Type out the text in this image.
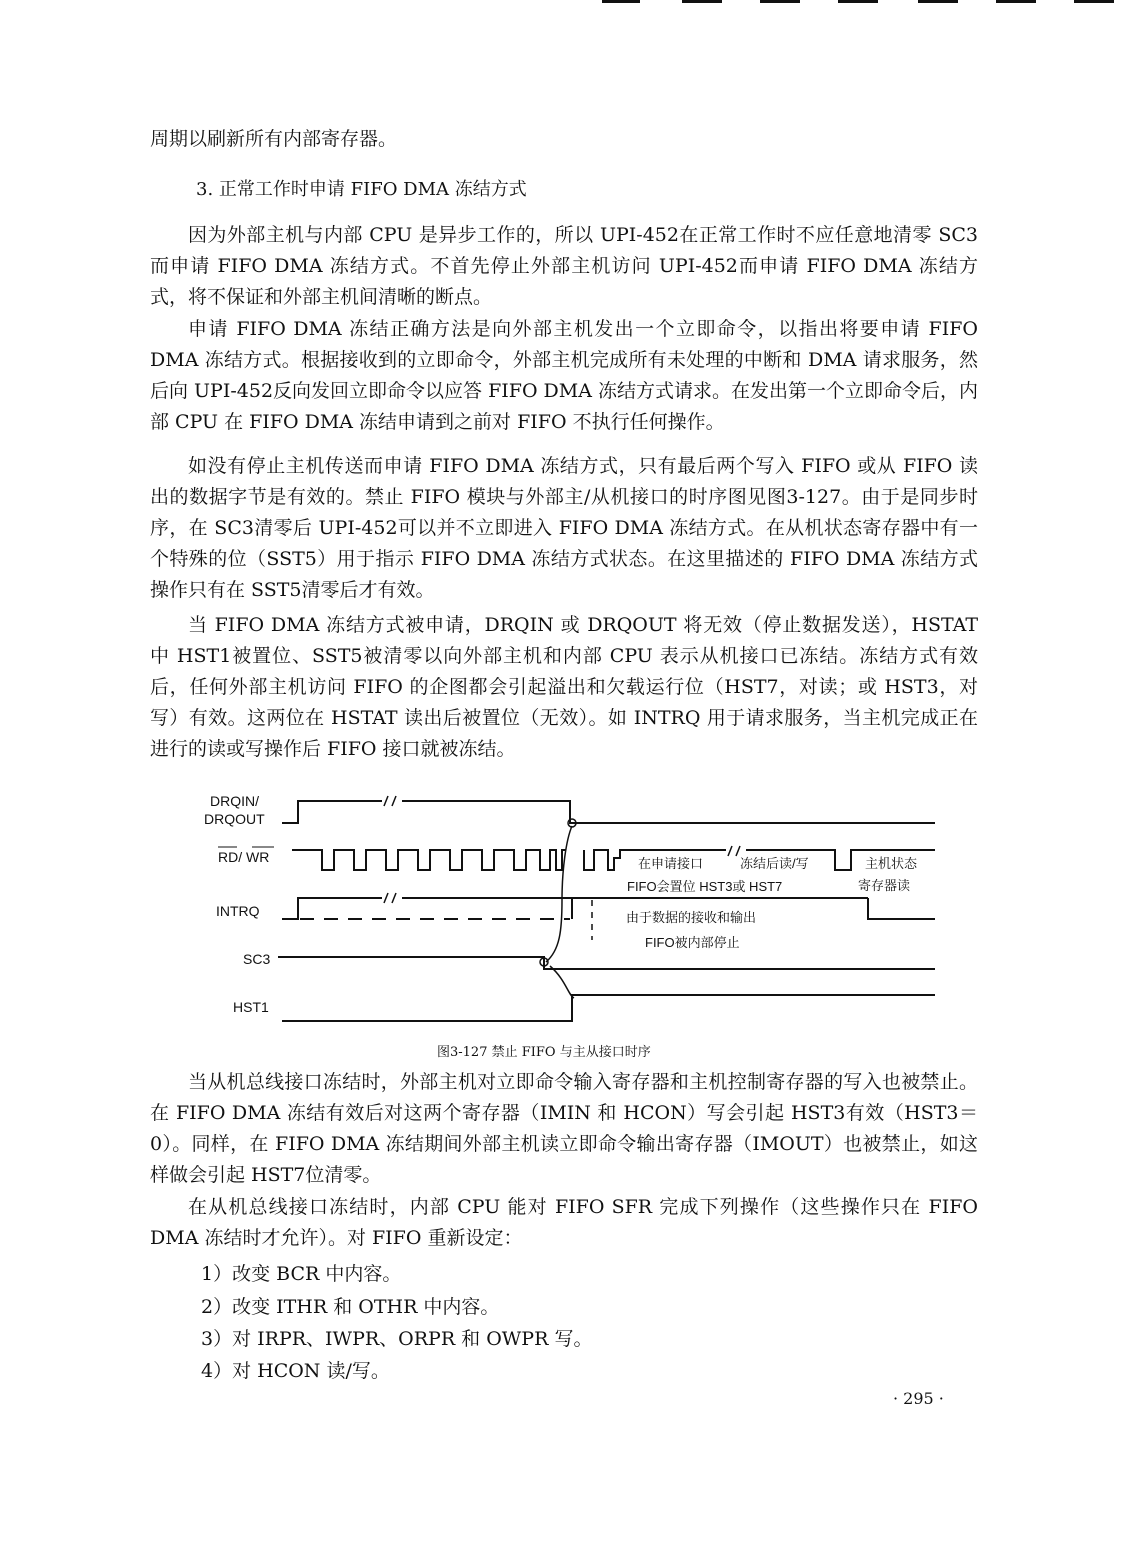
周期以刷新所有内部寄存器。

3. 正常工作时申请 FIFO DMA 冻结方式

因为外部主机与内部 CPU 是异步工作的，所以 UPI-452在正常工作时不应任意地清零 SC3而申请 FIFO DMA 冻结方式。不首先停止外部主机访问 UPI-452而申请 FIFO DMA 冻结方式，将不保证和外部主机间清晰的断点。

申请 FIFO DMA 冻结正确方法是向外部主机发出一个立即命令，以指出将要申请 FIFO DMA 冻结方式。根据接收到的立即命令，外部主机完成所有未处理的中断和 DMA 请求服务，然后向 UPI-452反向发回立即命令以应答 FIFO DMA 冻结方式请求。在发出第一个立即命令后，内部 CPU 在 FIFO DMA 冻结申请到之前对 FIFO 不执行任何操作。

如没有停止主机传送而申请 FIFO DMA 冻结方式，只有最后两个写入 FIFO 或从 FIFO 读出的数据字节是有效的。禁止 FIFO 模块与外部主/从机接口的时序图见图3-127。由于是同步时序，在 SC3清零后 UPI-452可以并不立即进入 FIFO DMA 冻结方式。在从机状态寄存器中有一个特殊的位（SST5）用于指示 FIFO DMA 冻结方式状态。在这里描述的 FIFO DMA 冻结方式操作只有在 SST5清零后才有效。

当 FIFO DMA 冻结方式被申请，DRQIN 或 DRQOUT 将无效（停止数据发送），HSTAT 中 HST1被置位、SST5被清零以向外部主机和内部 CPU 表示从机接口已冻结。冻结方式有效后，任何外部主机访问 FIFO 的企图都会引起溢出和欠载运行位（HST7，对读；或 HST3，对写）有效。这两位在 HSTAT 读出后被置位（无效）。如 INTRQ 用于请求服务，当主机完成正在进行的读或写操作后 FIFO 接口就被冻结。

DRQIN/
DRQOUT
RD/ WR
INTRQ
SC3
HST1
在申请接口
FIFO会置位 HST3或 HST7
冻结后读/写	主机状态
寄存器读
由于数据的接收和输出
FIFO被内部停止

图3-127 禁止 FIFO 与主从接口时序

当从机总线接口冻结时，外部主机对立即命令输入寄存器和主机控制寄存器的写入也被禁止。在 FIFO DMA 冻结有效后对这两个寄存器（IMIN 和 HCON）写会引起 HST3有效（HST3＝0）。同样，在 FIFO DMA 冻结期间外部主机读立即命令输出寄存器（IMOUT）也被禁止，如这样做会引起 HST7位清零。

在从机总线接口冻结时，内部 CPU 能对 FIFO SFR 完成下列操作（这些操作只在 FIFO DMA 冻结时才允许）。对 FIFO 重新设定：

1）改变 BCR 中内容。

2）改变 ITHR 和 OTHR 中内容。

3）对 IRPR、IWPR、ORPR 和 OWPR 写。

4）对 HCON 读/写。

· 295 ·
